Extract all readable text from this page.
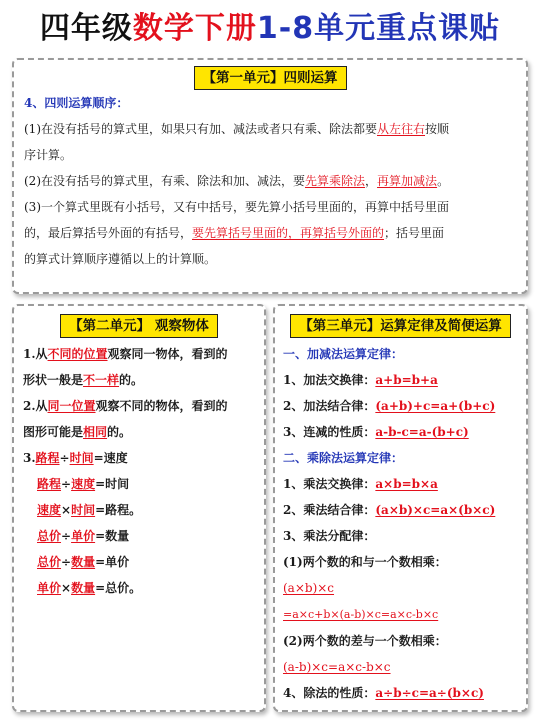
四年级数学下册1-8单元重点课贴
【第一单元】四则运算
4、四则运算顺序：
(1)在没有括号的算式里，如果只有加、减法或者只有乘、除法都要从左往右按顺
序计算。
(2)在没有括号的算式里，有乘、除法和加、减法，要先算乘除法，再算加减法。
(3)一个算式里既有小括号，又有中括号，要先算小括号里面的，再算中括号里面
的，最后算括号外面的有括号，要先算括号里面的，再算括号外面的；括号里面
的算式计算顺序遵循以上的计算顺。
【第二单元】 观察物体
1.从不同的位置观察同一物体，看到的
形状一般是不一样的。
2.从同一位置观察不同的物体，看到的
图形可能是相同的。
3.路程÷时间=速度
路程÷速度=时间
速度×时间=路程。
总价÷单价=数量
总价÷数量=单价
单价×数量=总价。
【第三单元】运算定律及简便运算
一、加减法运算定律：
1、加法交换律：a+b=b+a
2、加法结合律：(a+b)+c=a+(b+c)
3、连减的性质：a-b-c=a-(b+c)
二、乘除法运算定律：
1、乘法交换律：a×b=b×a
2、乘法结合律：(a×b)×c=a×(b×c)
3、乘法分配律：
(1)两个数的和与一个数相乘：
(a×b)×c
=a×c+b×(a-b)×c=a×c-b×c
(2)两个数的差与一个数相乘：
(a-b)×c=a×c-b×c
4、除法的性质：a÷b÷c=a÷(b×c)
